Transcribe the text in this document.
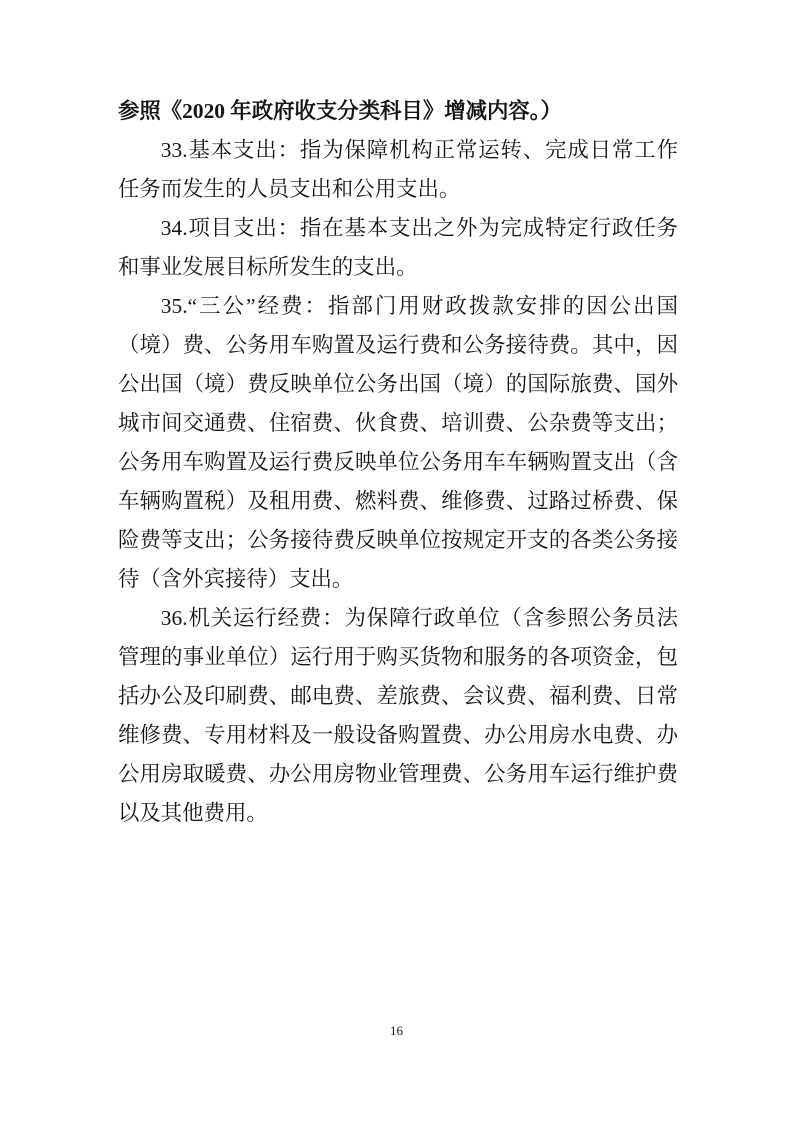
参照《2020 年政府收支分类科目》增减内容。）

33.基本支出：指为保障机构正常运转、完成日常工作任务而发生的人员支出和公用支出。

34.项目支出：指在基本支出之外为完成特定行政任务和事业发展目标所发生的支出。

35.“三公”经费：指部门用财政拨款安排的因公出国（境）费、公务用车购置及运行费和公务接待费。其中，因公出国（境）费反映单位公务出国（境）的国际旅费、国外城市间交通费、住宿费、伙食费、培训费、公杂费等支出；公务用车购置及运行费反映单位公务用车车辆购置支出（含车辆购置税）及租用费、燃料费、维修费、过路过桥费、保险费等支出；公务接待费反映单位按规定开支的各类公务接待（含外宾接待）支出。

36.机关运行经费：为保障行政单位（含参照公务员法管理的事业单位）运行用于购买货物和服务的各项资金，包括办公及印刷费、邮电费、差旅费、会议费、福利费、日常维修费、专用材料及一般设备购置费、办公用房水电费、办公用房取暖费、办公用房物业管理费、公务用车运行维护费以及其他费用。

16
